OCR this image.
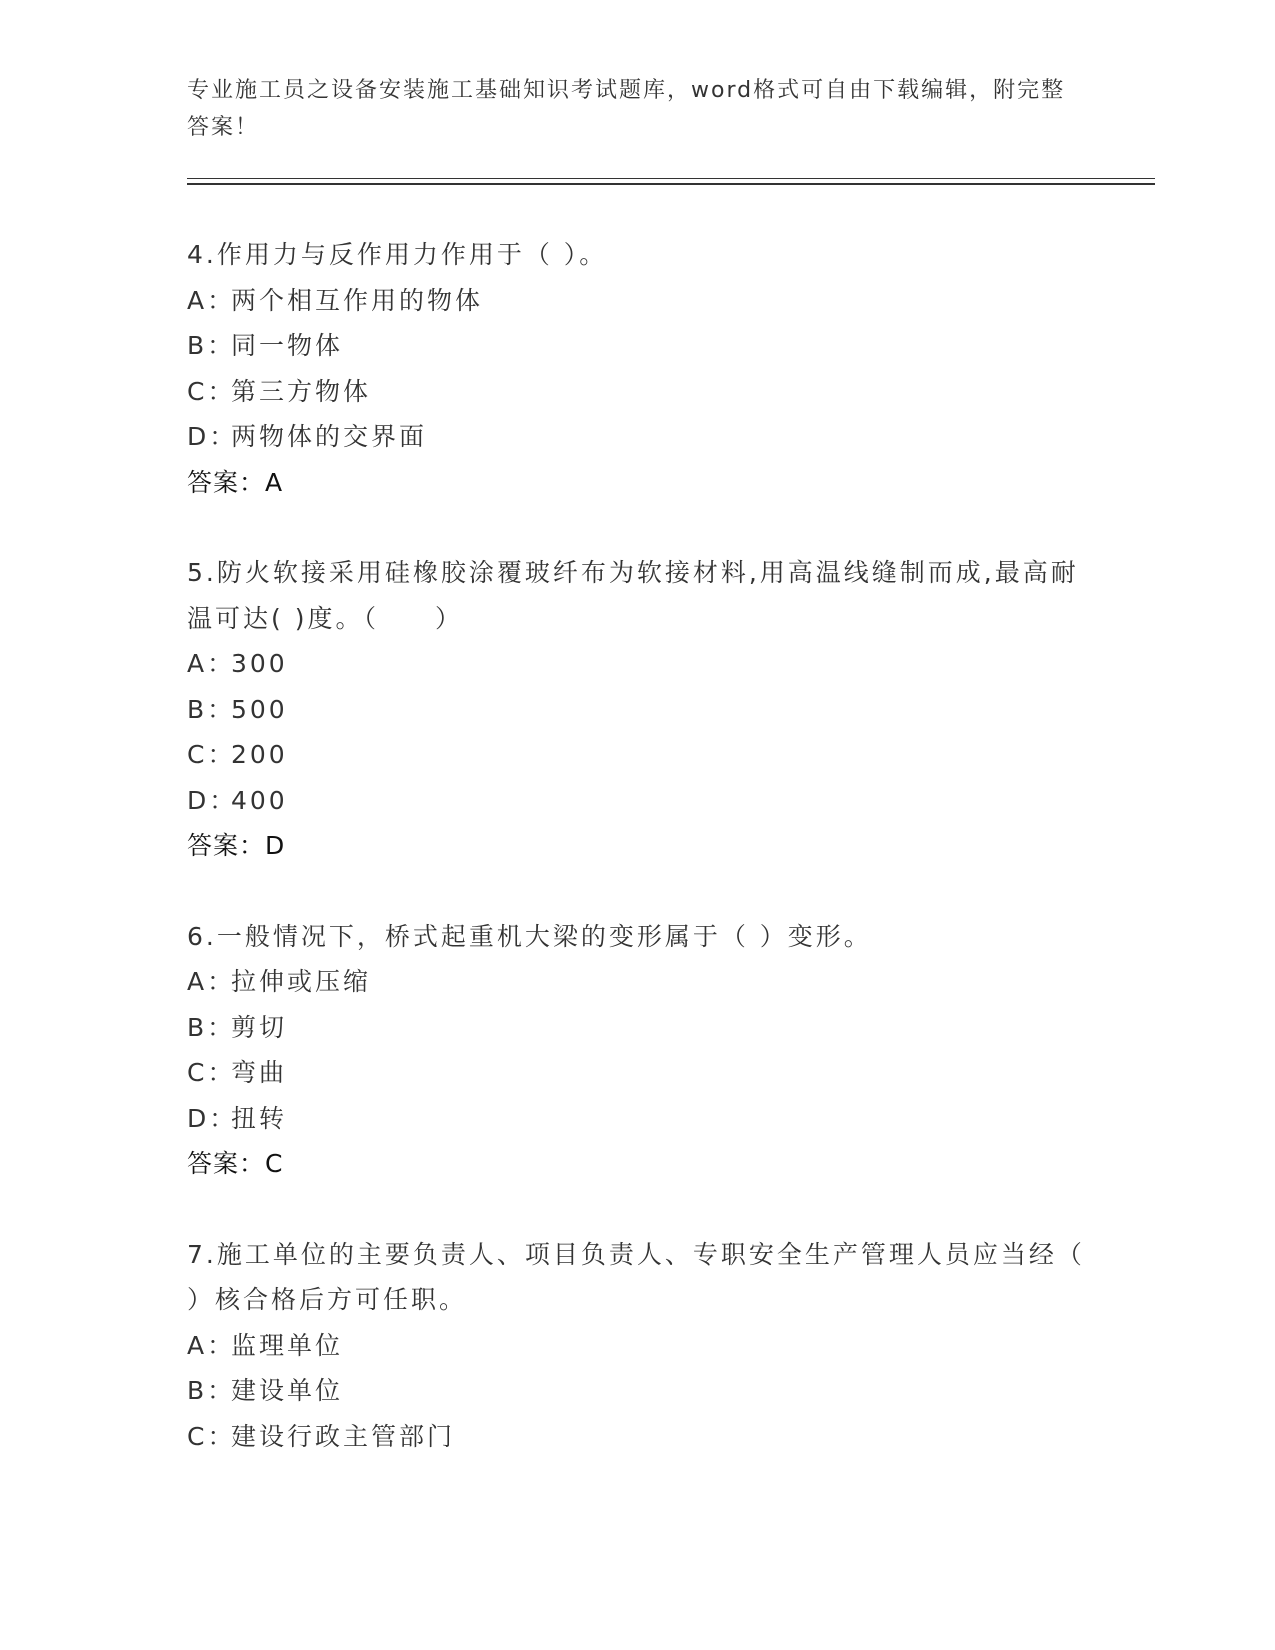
专业施工员之设备安装施工基础知识考试题库，word格式可自由下载编辑，附完整答案！
4.作用力与反作用力作用于（ ）。
A：两个相互作用的物体
B：同一物体
C：第三方物体
D：两物体的交界面
答案：A
5.防火软接采用硅橡胶涂覆玻纤布为软接材料,用高温线缝制而成,最高耐温可达( )度。（　　）
A：300
B：500
C：200
D：400
答案：D
6.一般情况下，桥式起重机大梁的变形属于（ ）变形。
A：拉伸或压缩
B：剪切
C：弯曲
D：扭转
答案：C
7.施工单位的主要负责人、项目负责人、专职安全生产管理人员应当经（ ）核合格后方可任职。
A：监理单位
B：建设单位
C：建设行政主管部门
